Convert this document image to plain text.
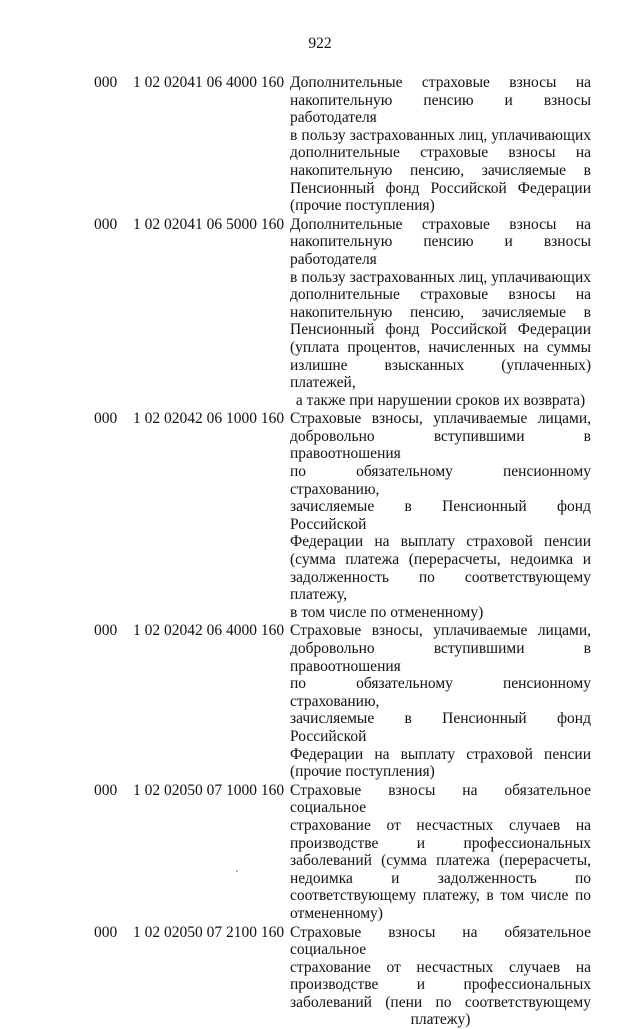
922
000 1 02 02041 06 4000 160 Дополнительные страховые взносы на
накопительную пенсию и взносы работодателя
в пользу застрахованных лиц, уплачивающих
дополнительные страховые взносы на
накопительную пенсию, зачисляемые в
Пенсионный фонд Российской Федерации
(прочие поступления)
000 1 02 02041 06 5000 160 Дополнительные страховые взносы на
накопительную пенсию и взносы работодателя
в пользу застрахованных лиц, уплачивающих
дополнительные страховые взносы на
накопительную пенсию, зачисляемые в
Пенсионный фонд Российской Федерации
(уплата процентов, начисленных на суммы
излишне взысканных (уплаченных) платежей,
а также при нарушении сроков их возврата)
000 1 02 02042 06 1000 160 Страховые взносы, уплачиваемые лицами,
добровольно вступившими в правоотношения
по обязательному пенсионному страхованию,
зачисляемые в Пенсионный фонд Российской
Федерации на выплату страховой пенсии
(сумма платежа (перерасчеты, недоимка и
задолженность по соответствующему платежу,
в том числе по отмененному)
000 1 02 02042 06 4000 160 Страховые взносы, уплачиваемые лицами,
добровольно вступившими в правоотношения
по обязательному пенсионному страхованию,
зачисляемые в Пенсионный фонд Российской
Федерации на выплату страховой пенсии
(прочие поступления)
000 1 02 02050 07 1000 160 Страховые взносы на обязательное социальное
страхование от несчастных случаев на
производстве и профессиональных
заболеваний (сумма платежа (перерасчеты,
недоимка и задолженность по
соответствующему платежу, в том числе по
отмененному)
000 1 02 02050 07 2100 160 Страховые взносы на обязательное социальное
страхование от несчастных случаев на
производстве и профессиональных
заболеваний (пени по соответствующему
платежу)
